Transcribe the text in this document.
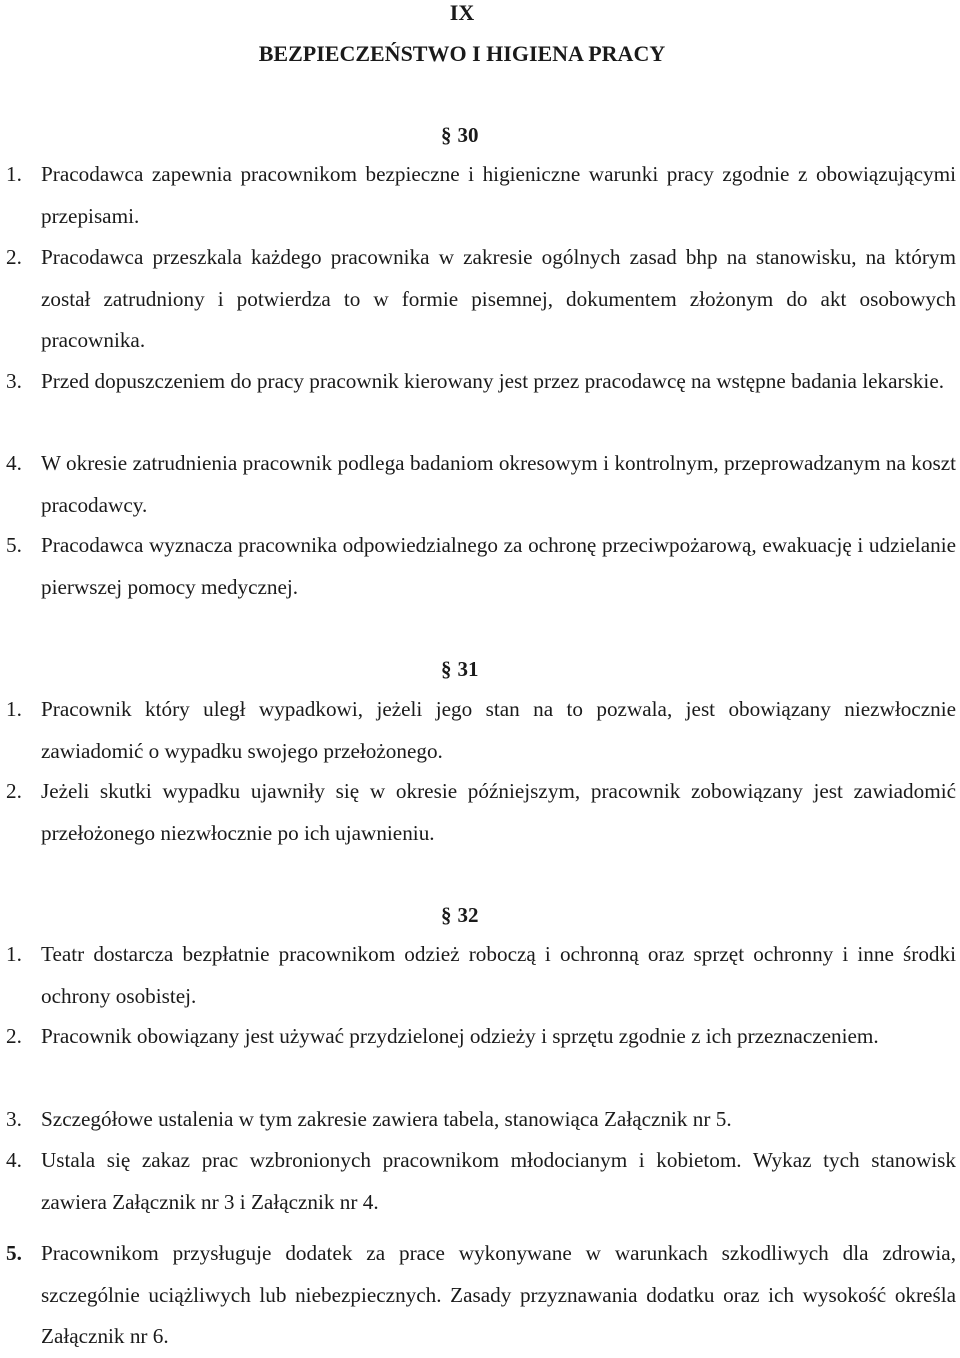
IX
BEZPIECZEŃSTWO I HIGIENA PRACY
§ 30
1. Pracodawca zapewnia pracownikom bezpieczne i higieniczne warunki pracy zgodnie z obowiązującymi przepisami.
2. Pracodawca przeszkala każdego pracownika w zakresie ogólnych zasad bhp na stanowisku, na którym został zatrudniony i potwierdza to w formie pisemnej, dokumentem złożonym do akt osobowych pracownika.
3. Przed dopuszczeniem do pracy pracownik kierowany jest przez pracodawcę na wstępne badania lekarskie.
4. W okresie zatrudnienia pracownik podlega badaniom okresowym i kontrolnym, przeprowadzanym na koszt pracodawcy.
5. Pracodawca wyznacza pracownika odpowiedzialnego za ochronę przeciwpożarową, ewakuację i udzielanie pierwszej pomocy medycznej.
§ 31
1. Pracownik który uległ wypadkowi, jeżeli jego stan na to pozwala, jest obowiązany niezwłocznie zawiadomić o wypadku swojego przełożonego.
2. Jeżeli skutki wypadku ujawniły się w okresie późniejszym, pracownik zobowiązany jest zawiadomić przełożonego niezwłocznie po ich ujawnieniu.
§ 32
1. Teatr dostarcza bezpłatnie pracownikom odzież roboczą i ochronną oraz sprzęt ochronny i inne środki ochrony osobistej.
2. Pracownik obowiązany jest używać przydzielonej odzieży i sprzętu zgodnie z ich przeznaczeniem.
3. Szczegółowe ustalenia w tym zakresie zawiera tabela, stanowiąca Załącznik nr 5.
4. Ustala się zakaz prac wzbronionych pracownikom młodocianym i kobietom. Wykaz tych stanowisk zawiera Załącznik nr 3 i Załącznik nr 4.
5. Pracownikom przysługuje dodatek za prace wykonywane w warunkach szkodliwych dla zdrowia, szczególnie uciążliwych lub niebezpiecznych. Zasady przyznawania dodatku oraz ich wysokość określa Załącznik nr 6.
